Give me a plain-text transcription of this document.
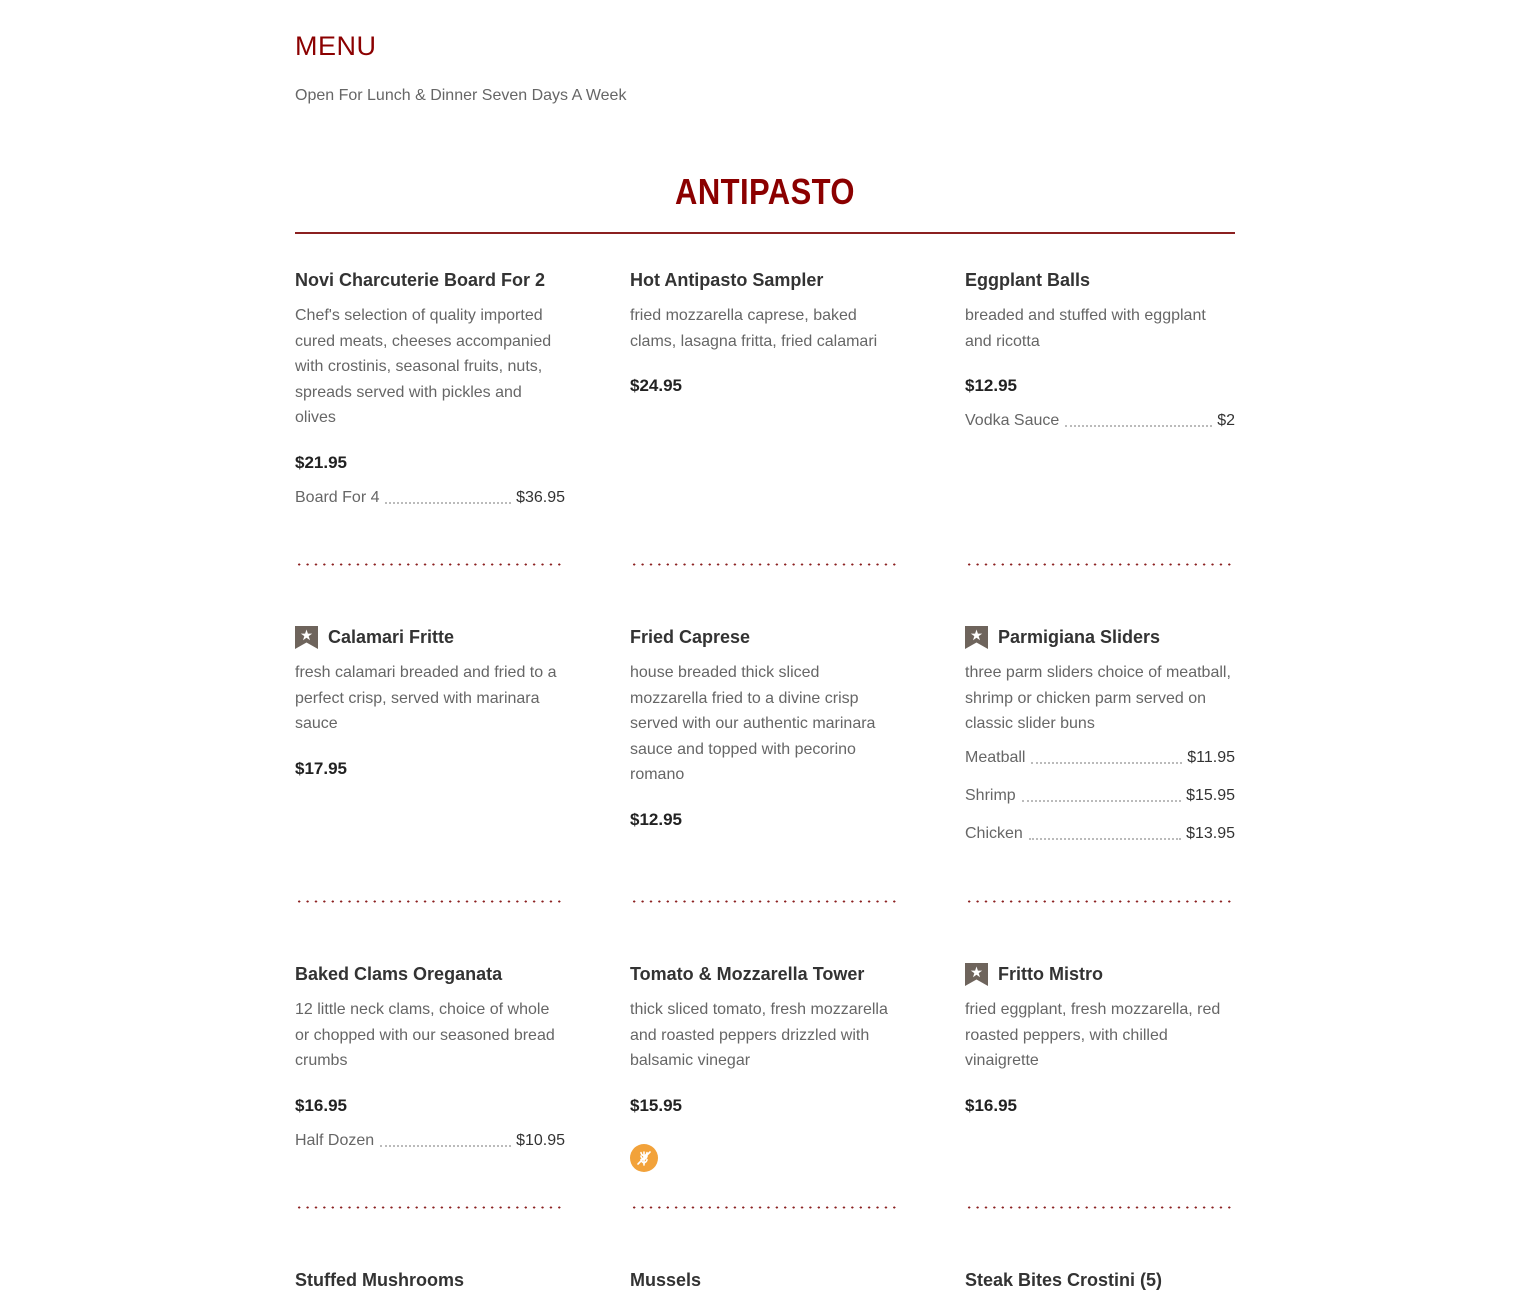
MENU

Open For Lunch & Dinner Seven Days A Week

ANTIPASTO
Novi Charcuterie Board For 2
Chef's selection of quality imported cured meats, cheeses accompanied with crostinis, seasonal fruits, nuts, spreads served with pickles and olives
$21.95
Board For 4	$36.95
Hot Antipasto Sampler
fried mozzarella caprese, baked clams, lasagna fritta, fried calamari
$24.95
Eggplant Balls
breaded and stuffed with eggplant and ricotta
$12.95
Vodka Sauce	$2
Calamari Fritte
fresh calamari breaded and fried to a perfect crisp, served with marinara sauce
$17.95
Fried Caprese
house breaded thick sliced mozzarella fried to a divine crisp served with our authentic marinara sauce and topped with pecorino romano
$12.95
Parmigiana Sliders
three parm sliders choice of meatball, shrimp or chicken parm served on classic slider buns
Meatball	$11.95
Shrimp	$15.95
Chicken	$13.95
Baked Clams Oreganata
12 little neck clams, choice of whole or chopped with our seasoned bread crumbs
$16.95
Half Dozen	$10.95
Tomato & Mozzarella Tower
thick sliced tomato, fresh mozzarella and roasted peppers drizzled with balsamic vinegar
$15.95
Fritto Mistro
fried eggplant, fresh mozzarella, red roasted peppers, with chilled vinaigrette
$16.95
Stuffed Mushrooms	Mussels	Steak Bites Crostini (5)
